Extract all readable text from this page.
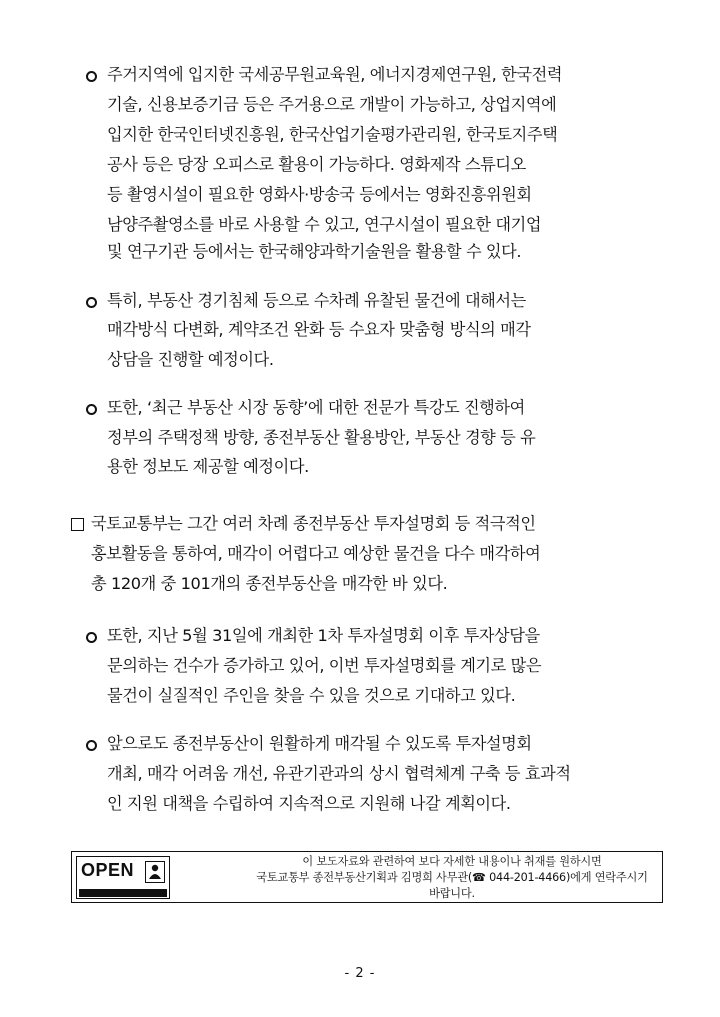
주거지역에 입지한 국세공무원교육원, 에너지경제연구원, 한국전력
기술, 신용보증기금 등은 주거용으로 개발이 가능하고, 상업지역에
입지한 한국인터넷진흥원, 한국산업기술평가관리원, 한국토지주택
공사 등은 당장 오피스로 활용이 가능하다. 영화제작 스튜디오
등 촬영시설이 필요한 영화사·방송국 등에서는 영화진흥위원회
남양주촬영소를 바로 사용할 수 있고, 연구시설이 필요한 대기업
및 연구기관 등에서는 한국해양과학기술원을 활용할 수 있다.
특히, 부동산 경기침체 등으로 수차례 유찰된 물건에 대해서는
매각방식 다변화, 계약조건 완화 등 수요자 맞춤형 방식의 매각
상담을 진행할 예정이다.
또한, ‘최근 부동산 시장 동향’에 대한 전문가 특강도 진행하여
정부의 주택정책 방향, 종전부동산 활용방안, 부동산 경향 등 유
용한 정보도 제공할 예정이다.
국토교통부는 그간 여러 차례 종전부동산 투자설명회 등 적극적인
홍보활동을 통하여, 매각이 어렵다고 예상한 물건을 다수 매각하여
총 120개 중 101개의 종전부동산을 매각한 바 있다.
또한, 지난 5월 31일에 개최한 1차 투자설명회 이후 투자상담을
문의하는 건수가 증가하고 있어, 이번 투자설명회를 계기로 많은
물건이 실질적인 주인을 찾을 수 있을 것으로 기대하고 있다.
앞으로도 종전부동산이 원활하게 매각될 수 있도록 투자설명회
개최, 매각 어려움 개선, 유관기관과의 상시 협력체계 구축 등 효과적
인 지원 대책을 수립하여 지속적으로 지원해 나갈 계획이다.
OPEN	이 보도자료와 관련하여 보다 자세한 내용이나 취재를 원하시면
국토교통부 종전부동산기획과 김명희 사무관(☎ 044-201-4466)에게 연락주시기
바랍니다.
- 2 -
